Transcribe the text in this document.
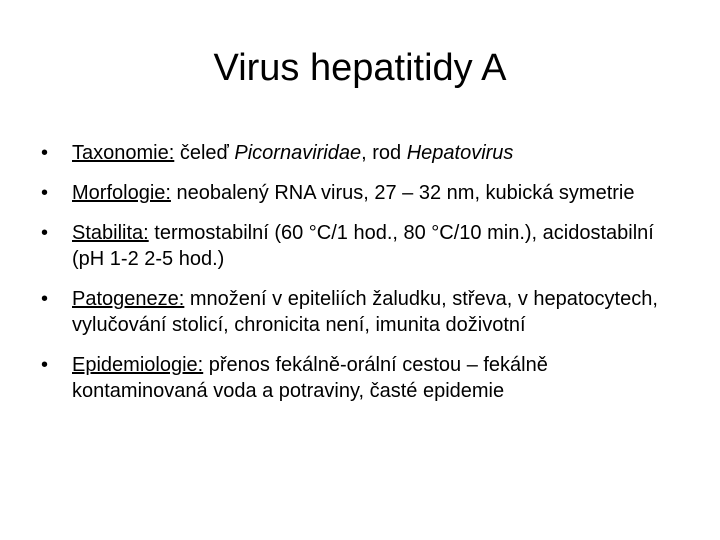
Virus hepatitidy A
• Taxonomie: čeleď Picornaviridae, rod Hepatovirus
• Morfologie: neobalený RNA virus, 27 – 32 nm, kubická symetrie
• Stabilita: termostabilní (60 °C/1 hod., 80 °C/10 min.), acidostabilní (pH 1-2 2-5 hod.)
• Patogeneze: množení v epiteliích žaludku, střeva, v hepatocytech, vylučování stolicí, chronicita není, imunita doživotní
• Epidemiologie: přenos fekálně-orální cestou – fekálně kontaminovaná voda a potraviny, časté epidemie
